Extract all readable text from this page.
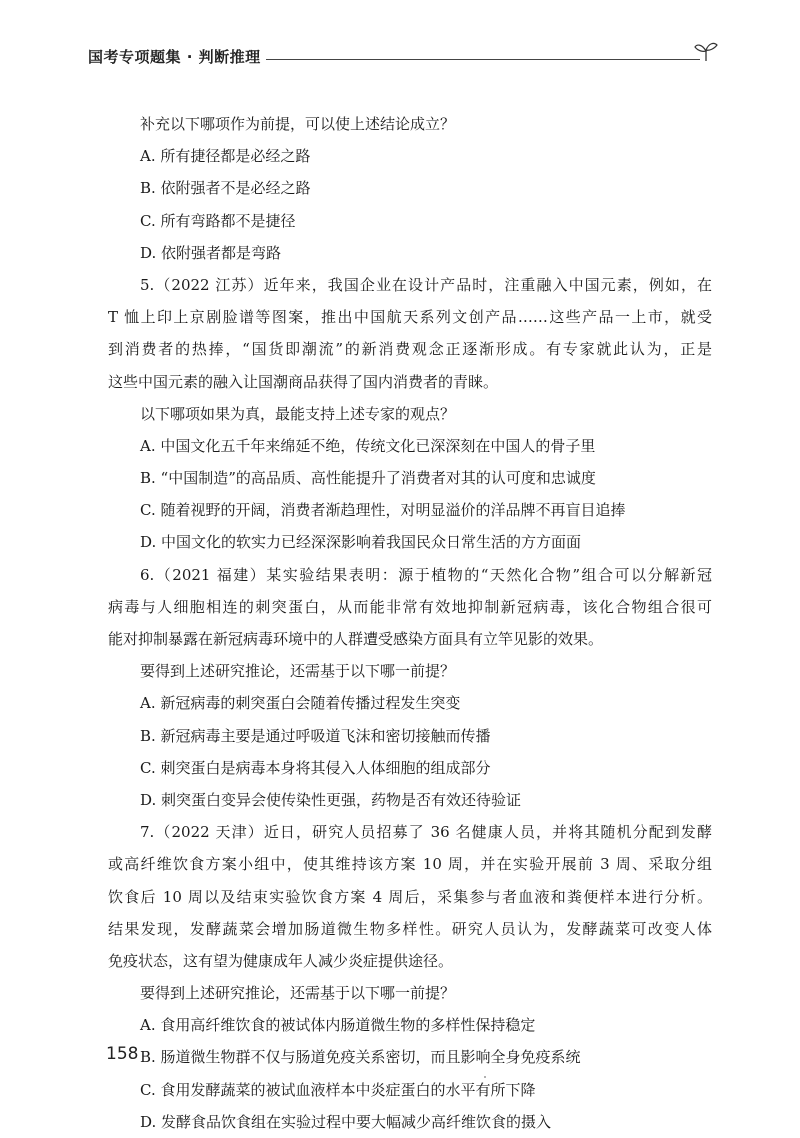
国考专项题集 · 判断推理
补充以下哪项作为前提，可以使上述结论成立？
A. 所有捷径都是必经之路
B. 依附强者不是必经之路
C. 所有弯路都不是捷径
D. 依附强者都是弯路
5.（2022 江苏）近年来，我国企业在设计产品时，注重融入中国元素，例如，在
T 恤上印上京剧脸谱等图案，推出中国航天系列文创产品……这些产品一上市，就受
到消费者的热捧，“国货即潮流”的新消费观念正逐渐形成。有专家就此认为，正是
这些中国元素的融入让国潮商品获得了国内消费者的青睐。
以下哪项如果为真，最能支持上述专家的观点？
A. 中国文化五千年来绵延不绝，传统文化已深深刻在中国人的骨子里
B. “中国制造”的高品质、高性能提升了消费者对其的认可度和忠诚度
C. 随着视野的开阔，消费者渐趋理性，对明显溢价的洋品牌不再盲目追捧
D. 中国文化的软实力已经深深影响着我国民众日常生活的方方面面
6.（2021 福建）某实验结果表明：源于植物的“天然化合物”组合可以分解新冠
病毒与人细胞相连的刺突蛋白，从而能非常有效地抑制新冠病毒，该化合物组合很可
能对抑制暴露在新冠病毒环境中的人群遭受感染方面具有立竿见影的效果。
要得到上述研究推论，还需基于以下哪一前提？
A. 新冠病毒的刺突蛋白会随着传播过程发生突变
B. 新冠病毒主要是通过呼吸道飞沫和密切接触而传播
C. 刺突蛋白是病毒本身将其侵入人体细胞的组成部分
D. 刺突蛋白变异会使传染性更强，药物是否有效还待验证
7.（2022 天津）近日，研究人员招募了 36 名健康人员，并将其随机分配到发酵
或高纤维饮食方案小组中，使其维持该方案 10 周，并在实验开展前 3 周、采取分组
饮食后 10 周以及结束实验饮食方案 4 周后，采集参与者血液和粪便样本进行分析。
结果发现，发酵蔬菜会增加肠道微生物多样性。研究人员认为，发酵蔬菜可改变人体
免疫状态，这有望为健康成年人减少炎症提供途径。
要得到上述研究推论，还需基于以下哪一前提？
A. 食用高纤维饮食的被试体内肠道微生物的多样性保持稳定
B. 肠道微生物群不仅与肠道免疫关系密切，而且影响全身免疫系统
C. 食用发酵蔬菜的被试血液样本中炎症蛋白的水平有所下降
D. 发酵食品饮食组在实验过程中要大幅减少高纤维饮食的摄入
158
